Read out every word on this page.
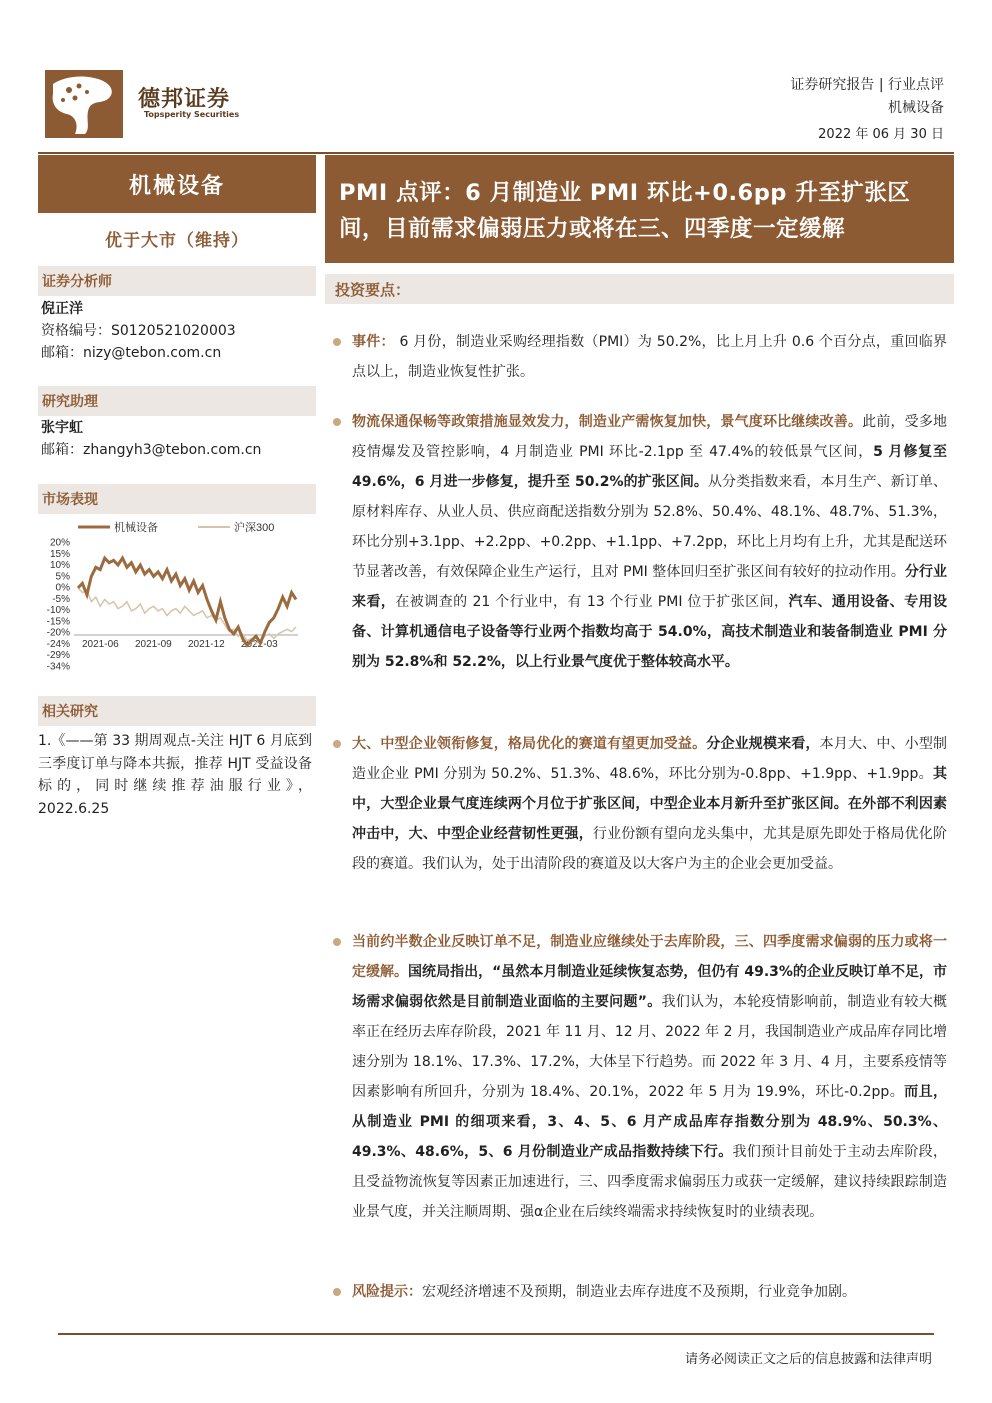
德邦证券
Topsperity Securities
证券研究报告 | 行业点评
机械设备
2022 年 06 月 30 日
机械设备
优于大市（维持）
证券分析师
倪正洋
资格编号：S0120521020003
邮箱：nizy@tebon.com.cn
研究助理
张宇虹
邮箱：zhangyh3@tebon.com.cn
市场表现
机械设备	沪深300
20%
15%
10%
5%
0%
-5%
-10%
-15%
-20%
-24%
-29%
-34%
2021-06 2021-09 2021-12 2022-03
相关研究
1.《——第 33 期周观点-关注 HJT 6 月底到三季度订单与降本共振，推荐 HJT 受益设备标的，同时继续推荐油服行业》，2022.6.25
PMI 点评：6 月制造业 PMI 环比+0.6pp 升至扩张区间，目前需求偏弱压力或将在三、四季度一定缓解
投资要点：
事件： 6 月份，制造业采购经理指数（PMI）为 50.2%，比上月上升 0.6 个百分点，重回临界点以上，制造业恢复性扩张。
物流保通保畅等政策措施显效发力，制造业产需恢复加快，景气度环比继续改善。此前，受多地疫情爆发及管控影响，4 月制造业 PMI 环比-2.1pp 至 47.4%的较低景气区间，5 月修复至 49.6%，6 月进一步修复，提升至 50.2%的扩张区间。从分类指数来看，本月生产、新订单、原材料库存、从业人员、供应商配送指数分别为 52.8%、50.4%、48.1%、48.7%、51.3%，环比分别+3.1pp、+2.2pp、+0.2pp、+1.1pp、+7.2pp，环比上月均有上升，尤其是配送环节显著改善，有效保障企业生产运行，且对 PMI 整体回归至扩张区间有较好的拉动作用。分行业来看，在被调查的 21 个行业中，有 13 个行业 PMI 位于扩张区间，汽车、通用设备、专用设备、计算机通信电子设备等行业两个指数均高于 54.0%，高技术制造业和装备制造业 PMI 分别为 52.8%和 52.2%，以上行业景气度优于整体较高水平。
大、中型企业领衔修复，格局优化的赛道有望更加受益。分企业规模来看，本月大、中、小型制造业企业 PMI 分别为 50.2%、51.3%、48.6%，环比分别为-0.8pp、+1.9pp、+1.9pp。其中，大型企业景气度连续两个月位于扩张区间，中型企业本月新升至扩张区间。在外部不利因素冲击中，大、中型企业经营韧性更强，行业份额有望向龙头集中，尤其是原先即处于格局优化阶段的赛道。我们认为，处于出清阶段的赛道及以大客户为主的企业会更加受益。
当前约半数企业反映订单不足，制造业应继续处于去库阶段，三、四季度需求偏弱的压力或将一定缓解。国统局指出，“虽然本月制造业延续恢复态势，但仍有 49.3%的企业反映订单不足，市场需求偏弱依然是目前制造业面临的主要问题”。我们认为，本轮疫情影响前，制造业有较大概率正在经历去库存阶段，2021 年 11 月、12 月、2022 年 2 月，我国制造业产成品库存同比增速分别为 18.1%、17.3%、17.2%，大体呈下行趋势。而 2022 年 3 月、4 月，主要系疫情等因素影响有所回升，分别为 18.4%、20.1%，2022 年 5 月为 19.9%，环比-0.2pp。而且，从制造业 PMI 的细项来看，3、4、5、6 月产成品库存指数分别为 48.9%、50.3%、49.3%、48.6%，5、6 月份制造业产成品指数持续下行。我们预计目前处于主动去库阶段，且受益物流恢复等因素正加速进行，三、四季度需求偏弱压力或获一定缓解，建议持续跟踪制造业景气度，并关注顺周期、强α企业在后续终端需求持续恢复时的业绩表现。
风险提示：宏观经济增速不及预期，制造业去库存进度不及预期，行业竞争加剧。
请务必阅读正文之后的信息披露和法律声明
